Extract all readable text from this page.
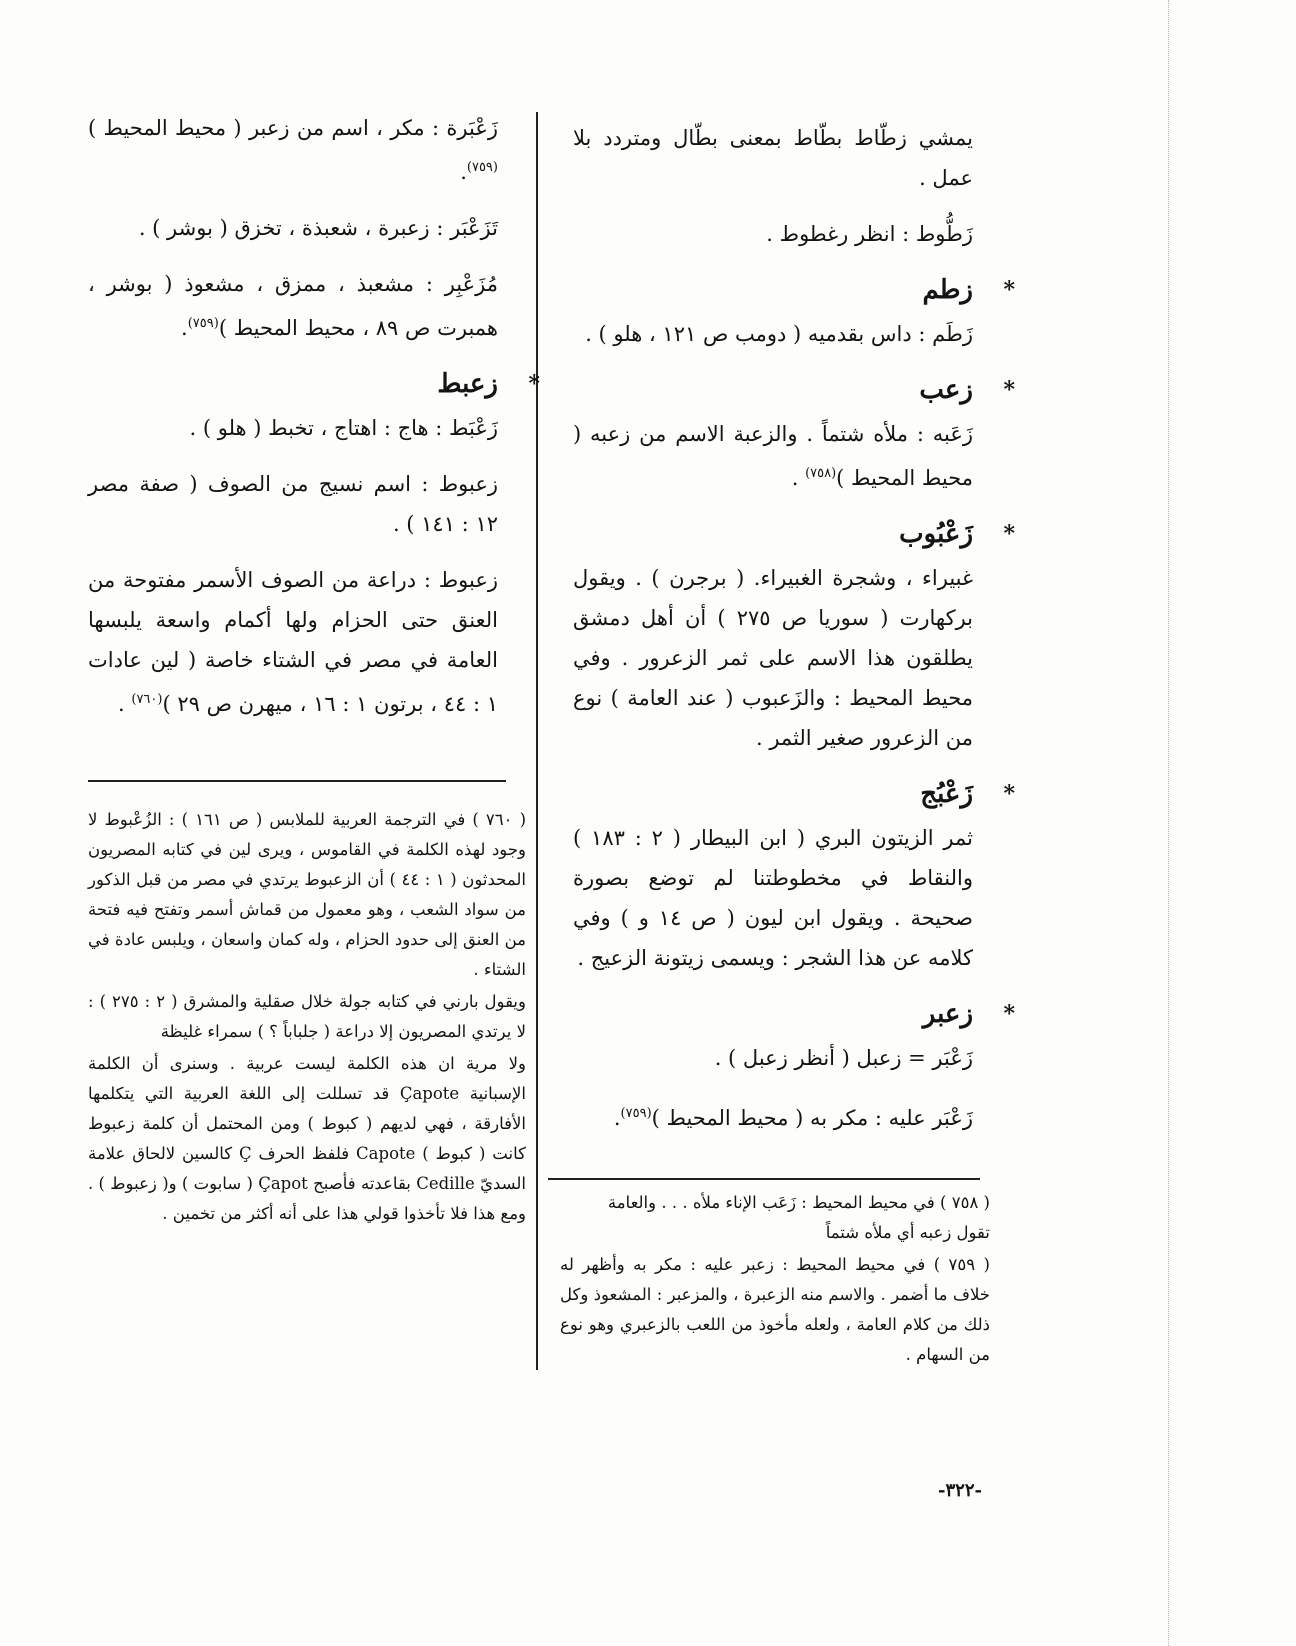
يمشي زطّاط بطّاط بمعنى بطّال ومتردد بلا عمل .

زَطُّوط : انظر رغطوط .

*
زطم

زَطَم : داس بقدميه ( دومب ص ١٢١ ، هلو ) .

*
زعب

زَعَبه : ملأه شتماً . والزعبة الاسم من زعبه ( محيط المحيط )$^{(٧٥٨)}$ .

*
زَعْبُوب

غبيراء ، وشجرة الغبيراء. ( برجرن ) . ويقول بركهارت ( سوريا ص ٢٧٥ ) أن أهل دمشق يطلقون هذا الاسم على ثمر الزعرور . وفي محيط المحيط : والزَعبوب ( عند العامة ) نوع من الزعرور صغير الثمر .

*
زَعْبُج

ثمر الزيتون البري ( ابن البيطار ( ٢ : ١٨٣ ) والنقاط في مخطوطتنا لم توضع بصورة صحيحة . ويقول ابن ليون ( ص ١٤ و ) وفي كلامه عن هذا الشجر : ويسمى زيتونة الزعيج .

*
زعبر

زَعْبَر = زعبل ( أنظر زعبل ) .

زَعْبَر عليه : مكر به ( محيط المحيط )$^{(٧٥٩)}$.

زَعْبَرة : مكر ، اسم من زعبر ( محيط المحيط )$^{(٧٥٩)}$.

تَزَعْبَر : زعبرة ، شعبذة ، تخزق ( بوشر ) .

مُزَعْبِر : مشعبذ ، ممزق ، مشعوذ ( بوشر ، همبرت ص ٨٩ ، محيط المحيط )$^{(٧٥٩)}$.

*
زعبط

زَعْبَط : هاج : اهتاج ، تخبط ( هلو ) .

زعبوط : اسم نسيج من الصوف ( صفة مصر ١٢ : ١٤١ ) .

زعبوط : دراعة من الصوف الأسمر مفتوحة من العنق حتى الحزام ولها أكمام واسعة يلبسها العامة في مصر في الشتاء خاصة ( لين عادات ١ : ٤٤ ، برتون ١ : ١٦ ، ميهرن ص ٢٩ )$^{(٧٦٠)}$ .

( ٧٥٨ ) في محيط المحيط : زَعَب الإناء ملأه . . . والعامة
تقول زعبه أي ملأه شتماً

( ٧٥٩ ) في محيط المحيط : زعبر عليه : مكر به وأظهر له خلاف ما أضمر . والاسم منه الزعبرة ، والمزعبر : المشعوذ وكل ذلك من كلام العامة ، ولعله مأخوذ من اللعب بالزعبري وهو نوع من السهام .

( ٧٦٠ ) في الترجمة العربية للملابس ( ص ١٦١ ) : الزُعْبوط لا وجود لهذه الكلمة في القاموس ، ويرى لين في كتابه المصريون المحدثون ( ١ : ٤٤ ) أن الزعبوط يرتدي في مصر من قبل الذكور من سواد الشعب ، وهو معمول من قماش أسمر وتفتح فيه فتحة من العنق إلى حدود الحزام ، وله كمان واسعان ، ويلبس عادة في الشتاء .

ويقول بارني في كتابه جولة خلال صقلية والمشرق ( ٢ : ٢٧٥ ) : لا يرتدي المصريون إلا دراعة ( جلباباً ؟ ) سمراء غليظة

ولا مرية ان هذه الكلمة ليست عربية . وسنرى أن الكلمة الإسبانية Çapote قد تسللت إلى اللغة العربية التي يتكلمها الأفارقة ، فهي لديهم ( كبوط ) ومن المحتمل أن كلمة زعبوط كانت ( كبوط ) Capote فلفظ الحرف Ç كالسين لالحاق علامة السديّ Cedille بقاعدته فأصبح Çapot ( سابوت ) و( زعبوط ) . ومع هذا فلا تأخذوا قولي هذا على أنه أكثر من تخمين .

-٣٢٢-
